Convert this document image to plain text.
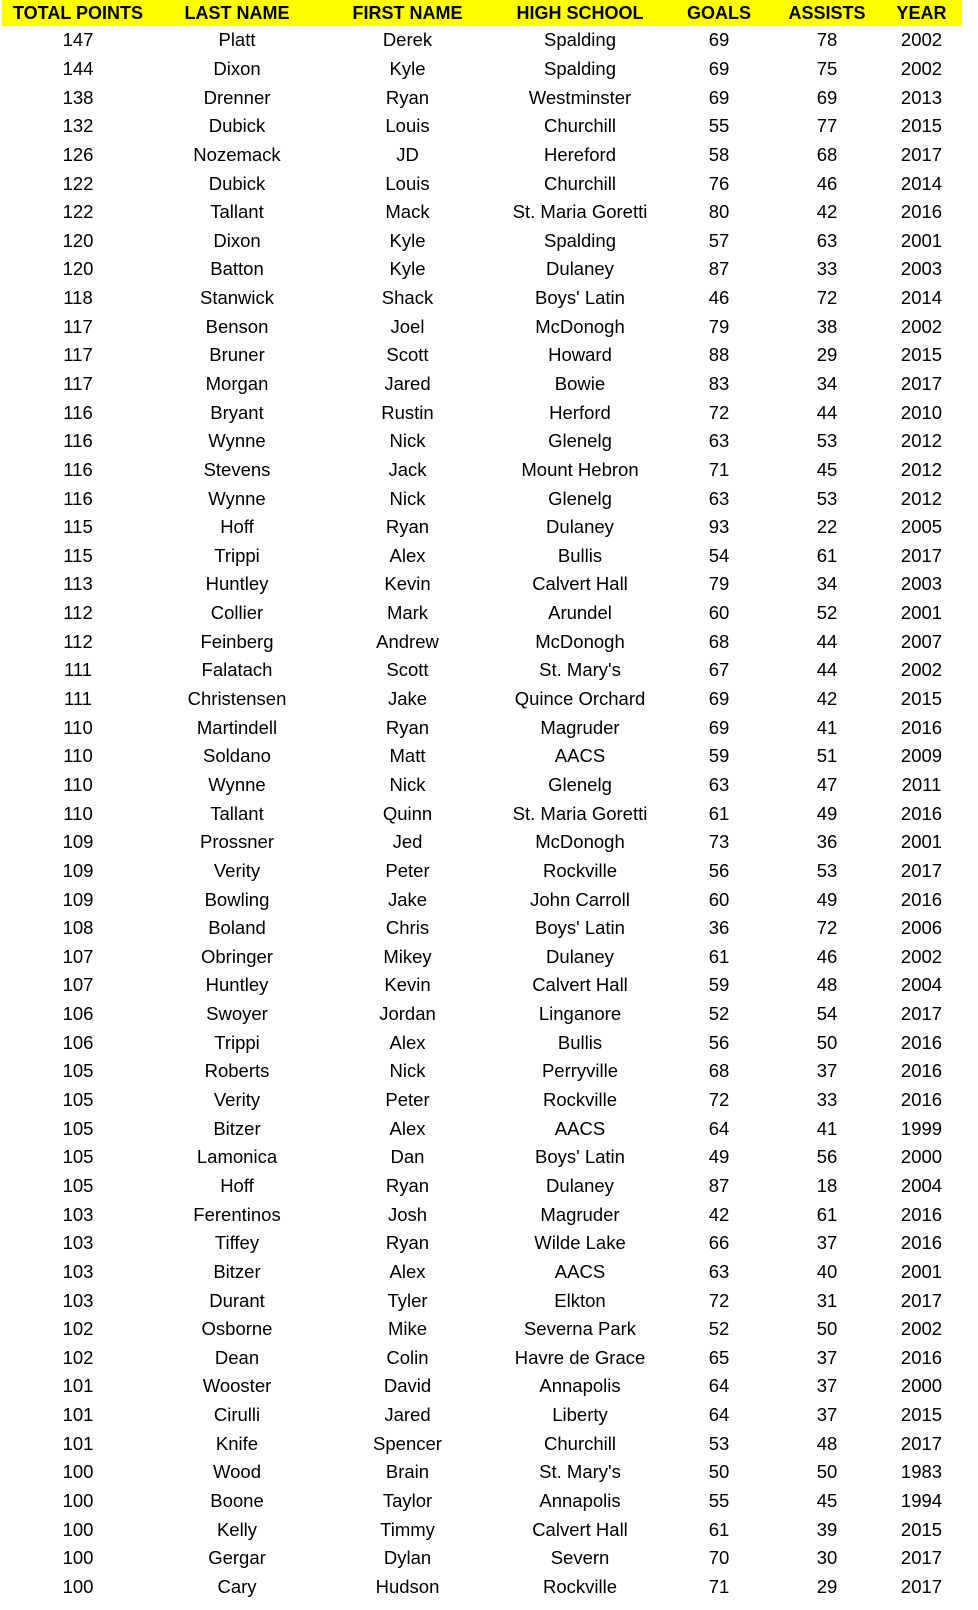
TOTAL POINTS	LAST NAME	FIRST NAME	HIGH SCHOOL	GOALS	ASSISTS	YEAR
147	Platt	Derek	Spalding	69	78	2002
144	Dixon	Kyle	Spalding	69	75	2002
138	Drenner	Ryan	Westminster	69	69	2013
132	Dubick	Louis	Churchill	55	77	2015
126	Nozemack	JD	Hereford	58	68	2017
122	Dubick	Louis	Churchill	76	46	2014
122	Tallant	Mack	St. Maria Goretti	80	42	2016
120	Dixon	Kyle	Spalding	57	63	2001
120	Batton	Kyle	Dulaney	87	33	2003
118	Stanwick	Shack	Boys' Latin	46	72	2014
117	Benson	Joel	McDonogh	79	38	2002
117	Bruner	Scott	Howard	88	29	2015
117	Morgan	Jared	Bowie	83	34	2017
116	Bryant	Rustin	Herford	72	44	2010
116	Wynne	Nick	Glenelg	63	53	2012
116	Stevens	Jack	Mount Hebron	71	45	2012
116	Wynne	Nick	Glenelg	63	53	2012
115	Hoff	Ryan	Dulaney	93	22	2005
115	Trippi	Alex	Bullis	54	61	2017
113	Huntley	Kevin	Calvert Hall	79	34	2003
112	Collier	Mark	Arundel	60	52	2001
112	Feinberg	Andrew	McDonogh	68	44	2007
111	Falatach	Scott	St. Mary's	67	44	2002
111	Christensen	Jake	Quince Orchard	69	42	2015
110	Martindell	Ryan	Magruder	69	41	2016
110	Soldano	Matt	AACS	59	51	2009
110	Wynne	Nick	Glenelg	63	47	2011
110	Tallant	Quinn	St. Maria Goretti	61	49	2016
109	Prossner	Jed	McDonogh	73	36	2001
109	Verity	Peter	Rockville	56	53	2017
109	Bowling	Jake	John Carroll	60	49	2016
108	Boland	Chris	Boys' Latin	36	72	2006
107	Obringer	Mikey	Dulaney	61	46	2002
107	Huntley	Kevin	Calvert Hall	59	48	2004
106	Swoyer	Jordan	Linganore	52	54	2017
106	Trippi	Alex	Bullis	56	50	2016
105	Roberts	Nick	Perryville	68	37	2016
105	Verity	Peter	Rockville	72	33	2016
105	Bitzer	Alex	AACS	64	41	1999
105	Lamonica	Dan	Boys' Latin	49	56	2000
105	Hoff	Ryan	Dulaney	87	18	2004
103	Ferentinos	Josh	Magruder	42	61	2016
103	Tiffey	Ryan	Wilde Lake	66	37	2016
103	Bitzer	Alex	AACS	63	40	2001
103	Durant	Tyler	Elkton	72	31	2017
102	Osborne	Mike	Severna Park	52	50	2002
102	Dean	Colin	Havre de Grace	65	37	2016
101	Wooster	David	Annapolis	64	37	2000
101	Cirulli	Jared	Liberty	64	37	2015
101	Knife	Spencer	Churchill	53	48	2017
100	Wood	Brain	St. Mary's	50	50	1983
100	Boone	Taylor	Annapolis	55	45	1994
100	Kelly	Timmy	Calvert Hall	61	39	2015
100	Gergar	Dylan	Severn	70	30	2017
100	Cary	Hudson	Rockville	71	29	2017
